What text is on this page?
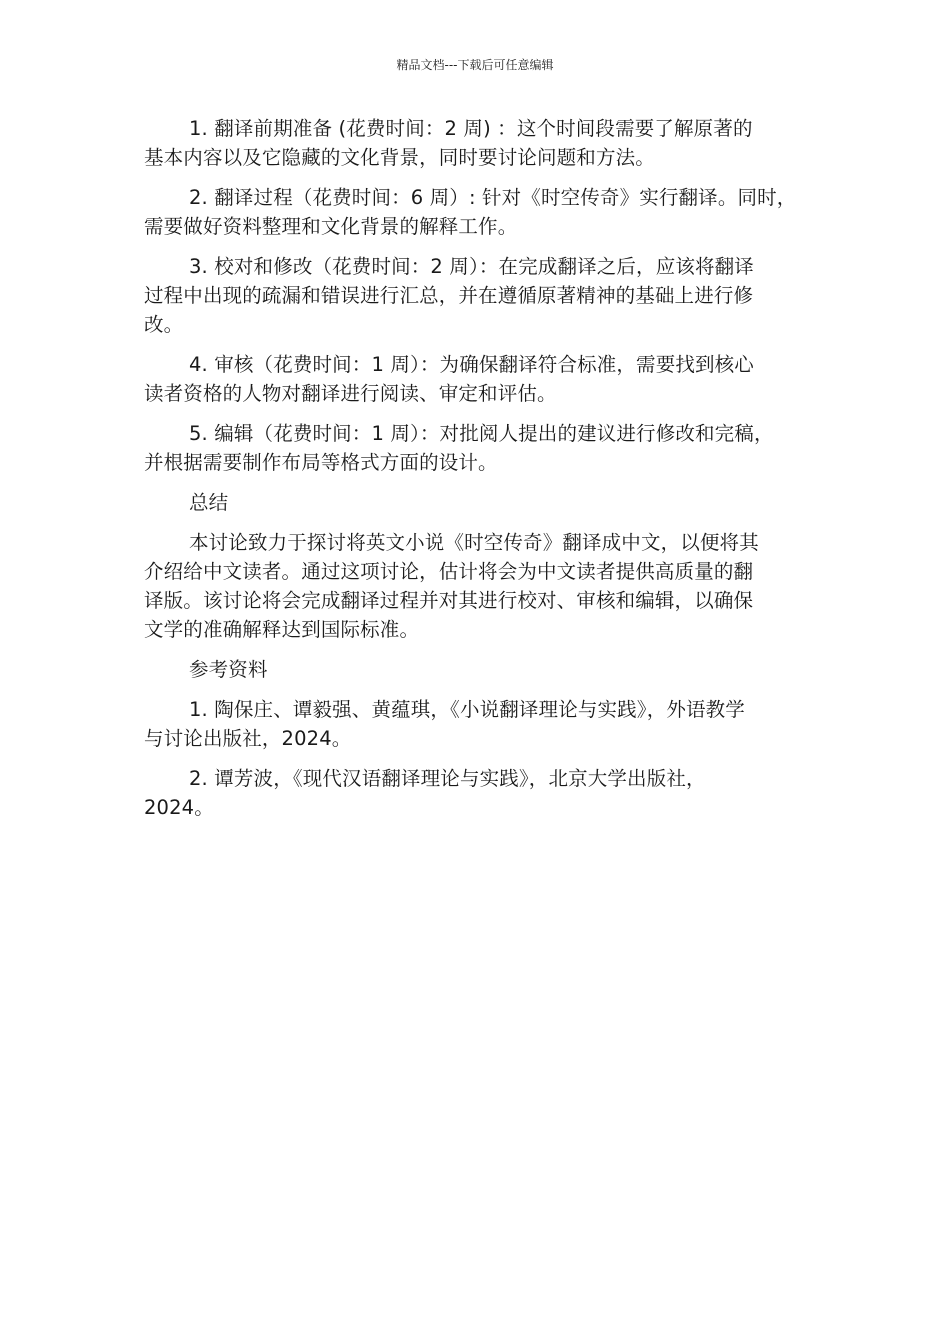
精品文档---下载后可任意编辑

1. 翻译前期准备 (花费时间：2 周) ：这个时间段需要了解原著的
基本内容以及它隐藏的文化背景，同时要讨论问题和方法。

2. 翻译过程（花费时间：6 周）: 针对《时空传奇》实行翻译。同时，
需要做好资料整理和文化背景的解释工作。

3. 校对和修改（花费时间：2 周）：在完成翻译之后，应该将翻译
过程中出现的疏漏和错误进行汇总，并在遵循原著精神的基础上进行修
改。

4. 审核（花费时间：1 周）：为确保翻译符合标准，需要找到核心
读者资格的人物对翻译进行阅读、审定和评估。

5. 编辑（花费时间：1 周）：对批阅人提出的建议进行修改和完稿，
并根据需要制作布局等格式方面的设计。

总结

本讨论致力于探讨将英文小说《时空传奇》翻译成中文，以便将其
介绍给中文读者。通过这项讨论，估计将会为中文读者提供高质量的翻
译版。该讨论将会完成翻译过程并对其进行校对、审核和编辑，以确保
文学的准确解释达到国际标准。

参考资料

1. 陶保庄、谭毅强、黄蕴琪，《小说翻译理论与实践》，外语教学
与讨论出版社，2024。

2. 谭芳波，《现代汉语翻译理论与实践》，北京大学出版社，
2024。
